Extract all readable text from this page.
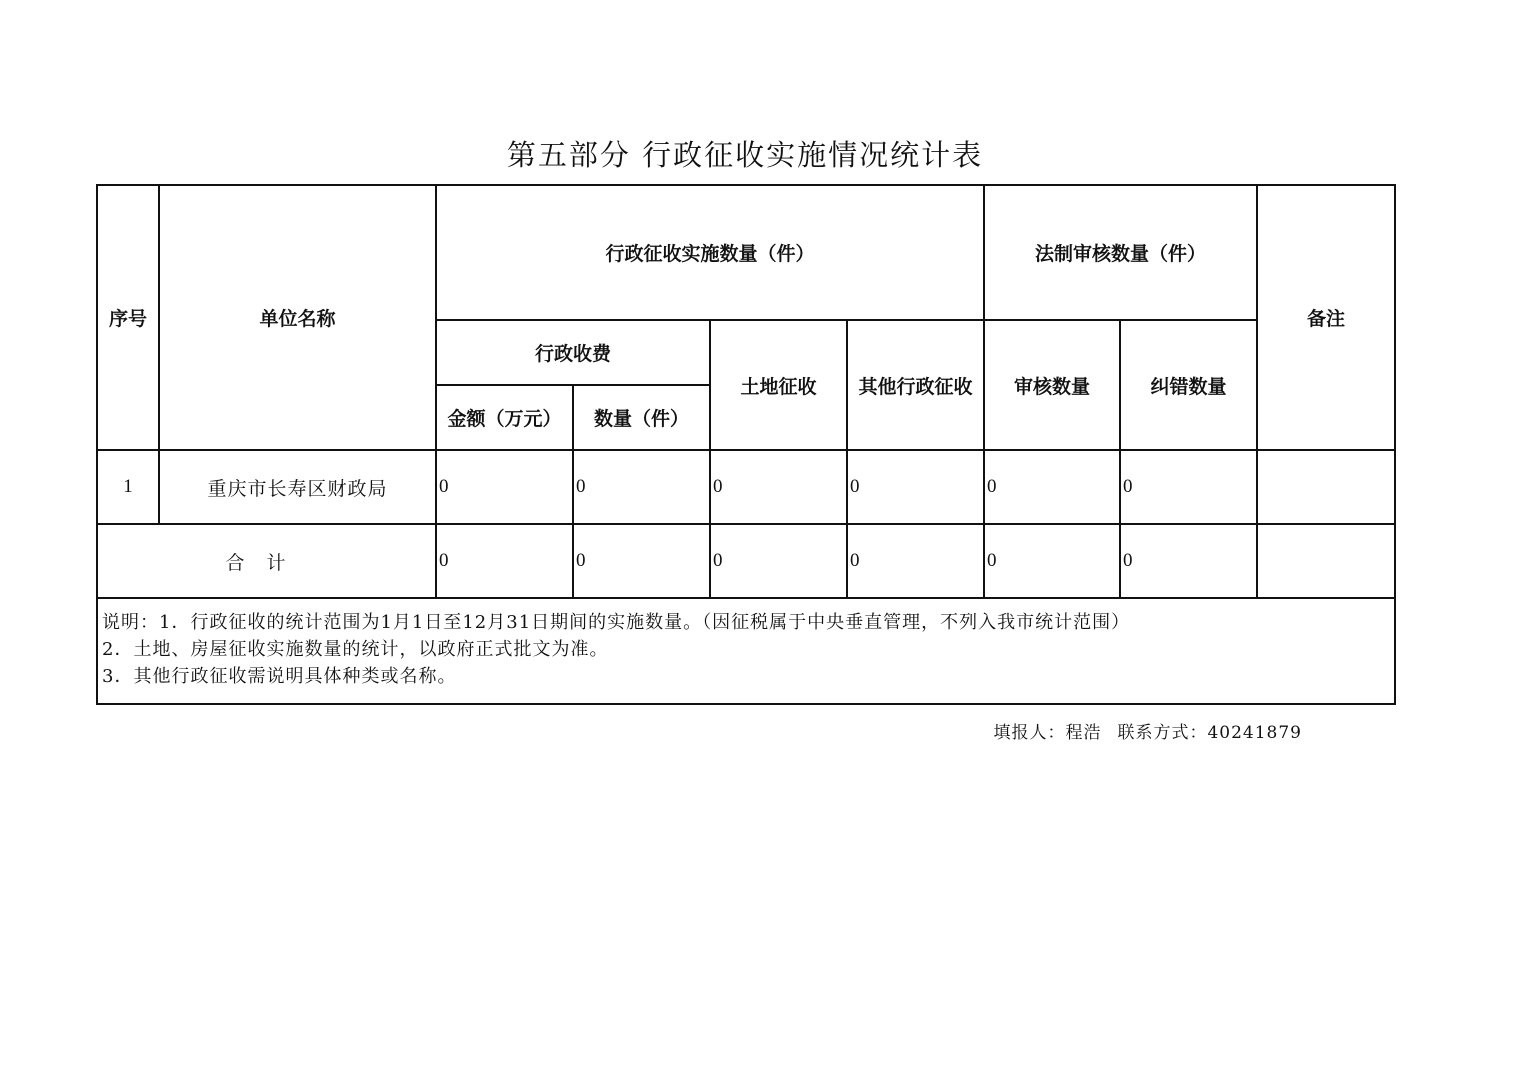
第五部分 行政征收实施情况统计表
序号	单位名称	行政征收实施数量（件）				法制审核数量（件）		备注
		行政收费		土地征收	其他行政征收	审核数量	纠错数量	
		金额（万元）	数量（件）					
1	重庆市长寿区财政局	0	0	0	0	0	0	
合计		0	0	0	0	0	0	

说明：1．行政征收的统计范围为1月1日至12月31日期间的实施数量。（因征税属于中央垂直管理，不列入我市统计范围）
2．土地、房屋征收实施数量的统计，以政府正式批文为准。
3．其他行政征收需说明具体种类或名称。								
填报人：程浩 联系方式：40241879
